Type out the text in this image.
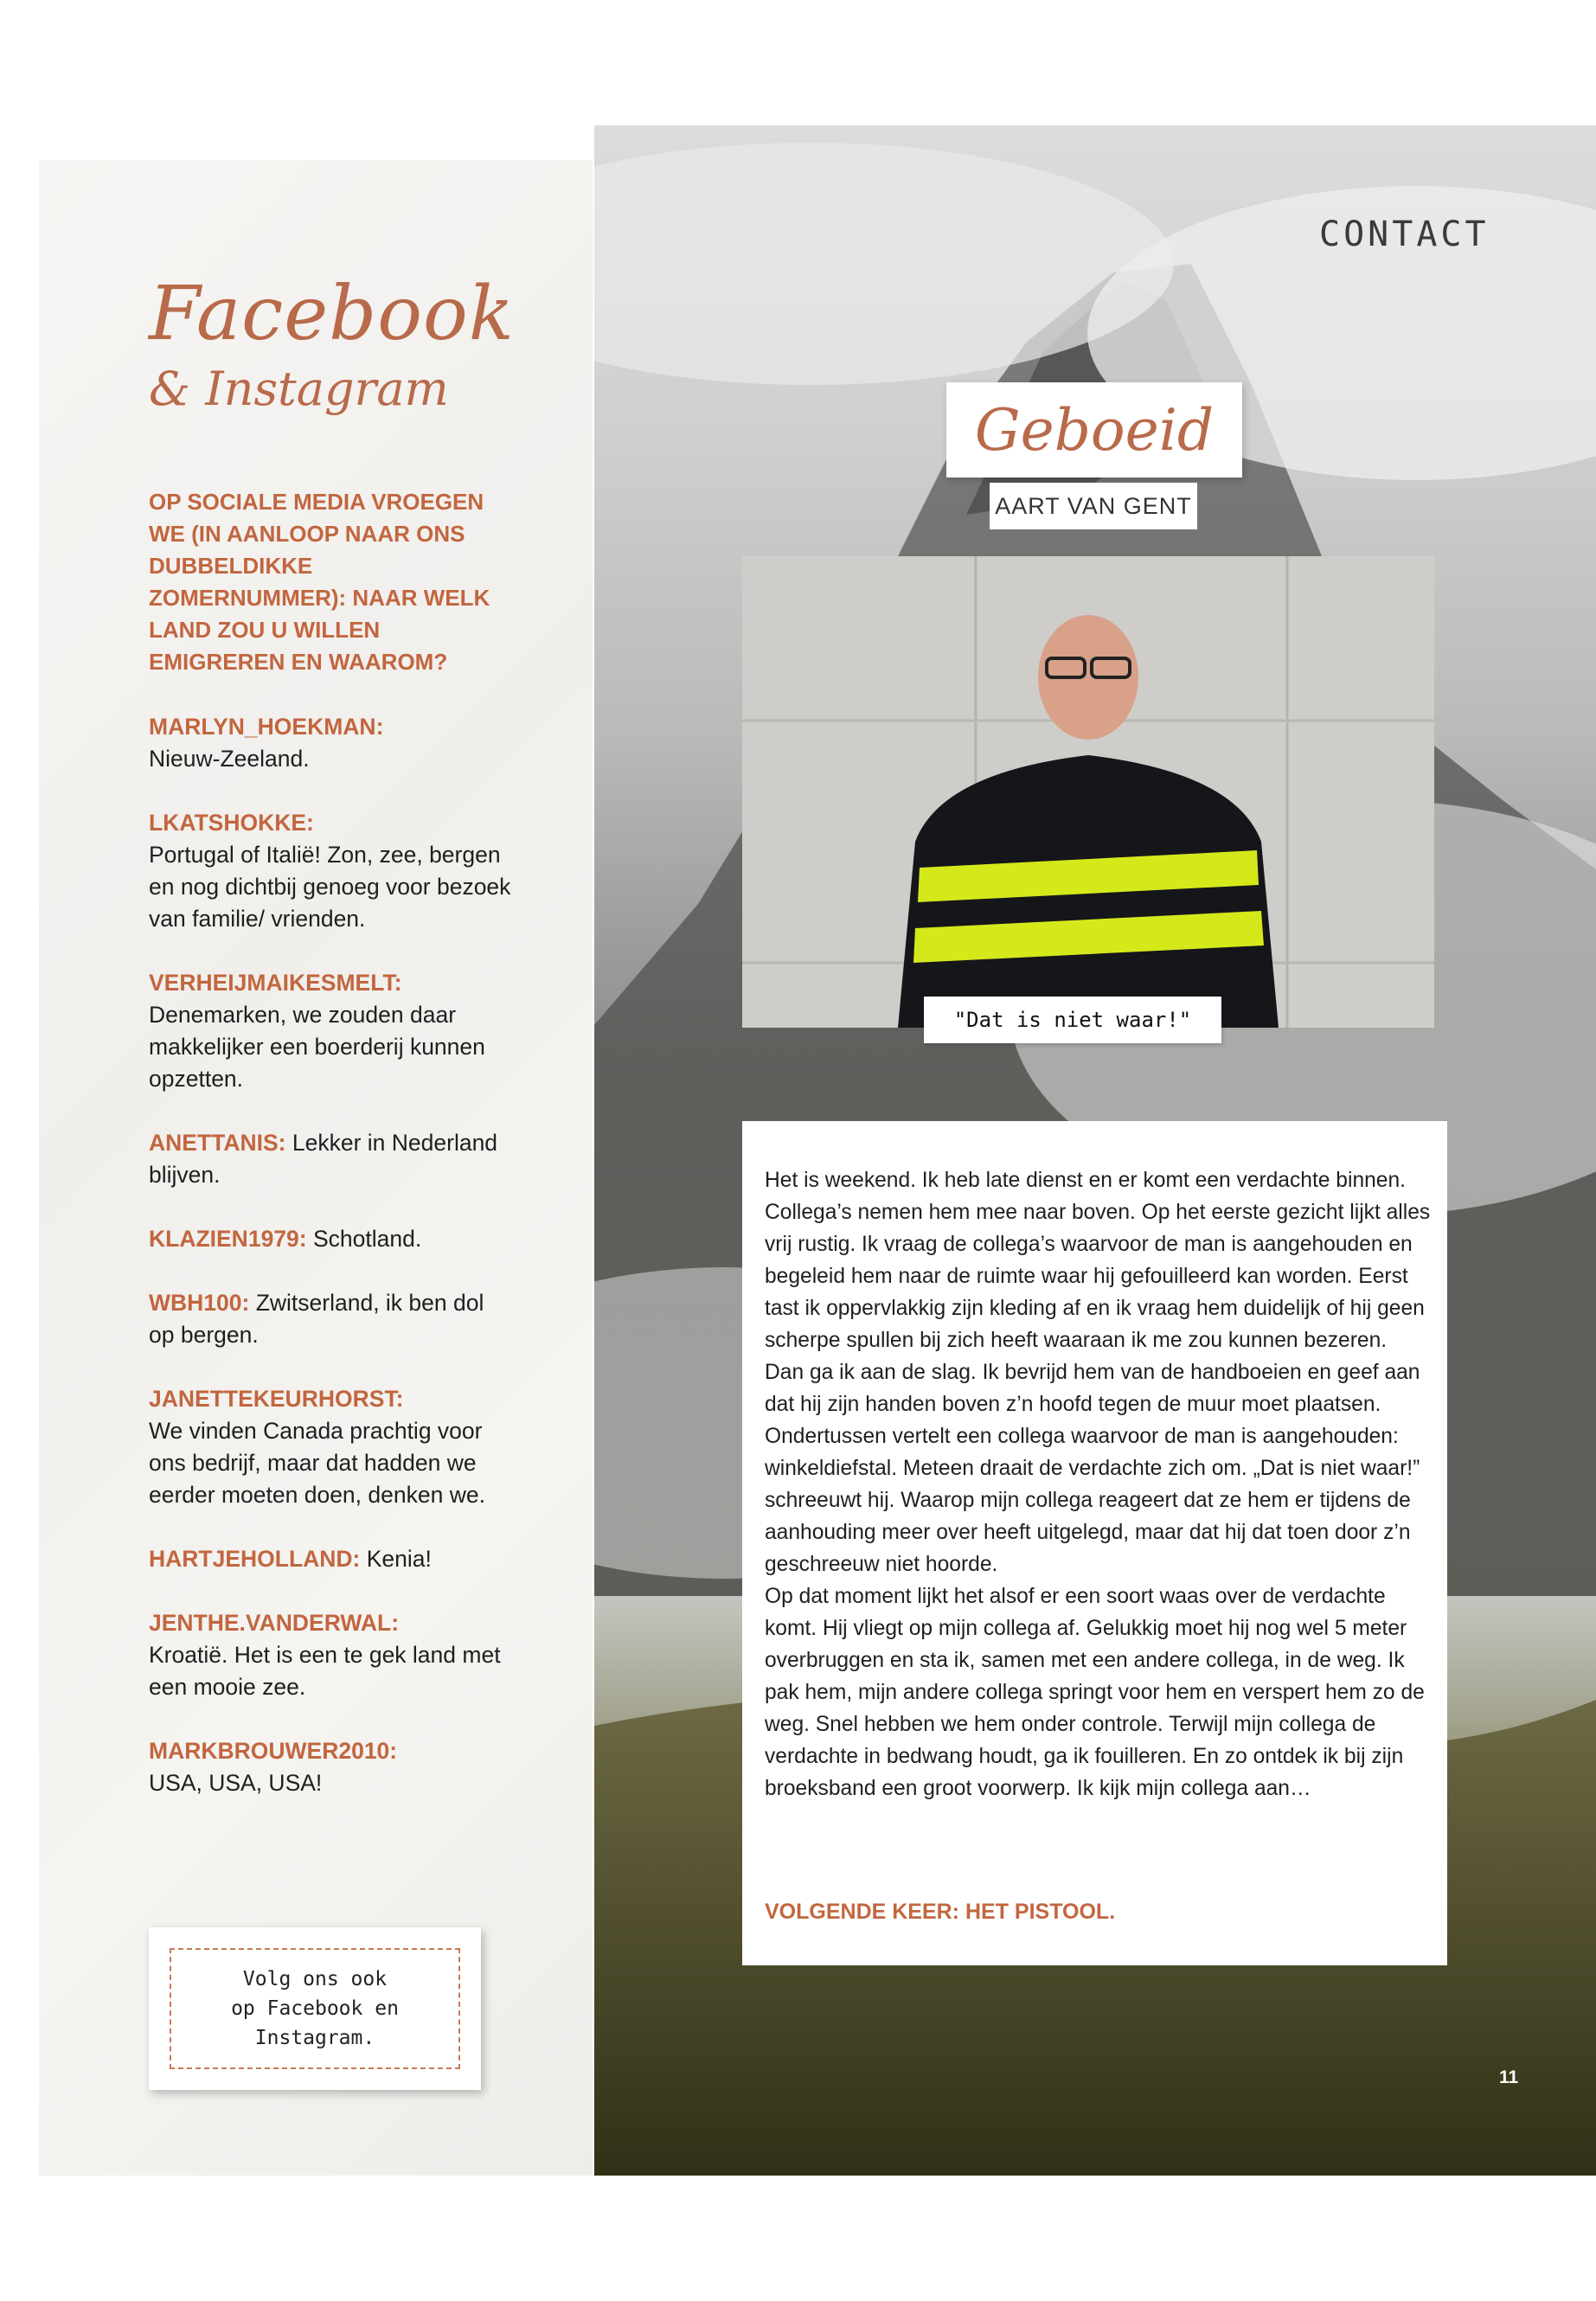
Facebook
& Instagram

OP SOCIALE MEDIA VROEGEN WE (IN AANLOOP NAAR ONS DUBBELDIKKE ZOMERNUMMER): NAAR WELK LAND ZOU U WILLEN EMIGREREN EN WAAROM?

MARLYN_HOEKMAN:
Nieuw-Zeeland.

LKATSHOKKE:
Portugal of Italië! Zon, zee, bergen en nog dichtbij genoeg voor bezoek van familie/ vrienden.

VERHEIJMAIKESMELT:
Denemarken, we zouden daar makkelijker een boerderij kunnen opzetten.

ANETTANIS: Lekker in Nederland blijven.

KLAZIEN1979: Schotland.

WBH100: Zwitserland, ik ben dol op bergen.

JANETTEKEURHORST:
We vinden Canada prachtig voor ons bedrijf, maar dat hadden we eerder moeten doen, denken we.

HARTJEHOLLAND: Kenia!

JENTHE.VANDERWAL:
Kroatië. Het is een te gek land met een mooie zee.

MARKBROUWER2010:
USA, USA, USA!

Volg ons ook
op Facebook en
Instagram.
CONTACT
Geboeid
AART VAN GENT
"Dat is niet waar!"

Het is weekend. Ik heb late dienst en er komt een verdachte binnen. Collega’s nemen hem mee naar boven. Op het eerste gezicht lijkt alles vrij rustig. Ik vraag de collega’s waarvoor de man is aangehouden en begeleid hem naar de ruimte waar hij gefouilleerd kan worden. Eerst tast ik oppervlakkig zijn kleding af en ik vraag hem duidelijk of hij geen scherpe spullen bij zich heeft waaraan ik me zou kunnen bezeren. Dan ga ik aan de slag. Ik bevrijd hem van de handboeien en geef aan dat hij zijn handen boven z’n hoofd tegen de muur moet plaatsen.

Ondertussen vertelt een collega waarvoor de man is aangehouden: winkeldiefstal. Meteen draait de verdachte zich om. „Dat is niet waar!” schreeuwt hij. Waarop mijn collega reageert dat ze hem er tijdens de aanhouding meer over heeft uitgelegd, maar dat hij dat toen door z’n geschreeuw niet hoorde.

Op dat moment lijkt het alsof er een soort waas over de verdachte komt. Hij vliegt op mijn collega af. Gelukkig moet hij nog wel 5 meter overbruggen en sta ik, samen met een andere collega, in de weg. Ik pak hem, mijn andere collega springt voor hem en verspert hem zo de weg. Snel hebben we hem onder controle. Terwijl mijn collega de verdachte in bedwang houdt, ga ik fouilleren. En zo ontdek ik bij zijn broeksband een groot voorwerp. Ik kijk mijn collega aan…

VOLGENDE KEER: HET PISTOOL.
11
